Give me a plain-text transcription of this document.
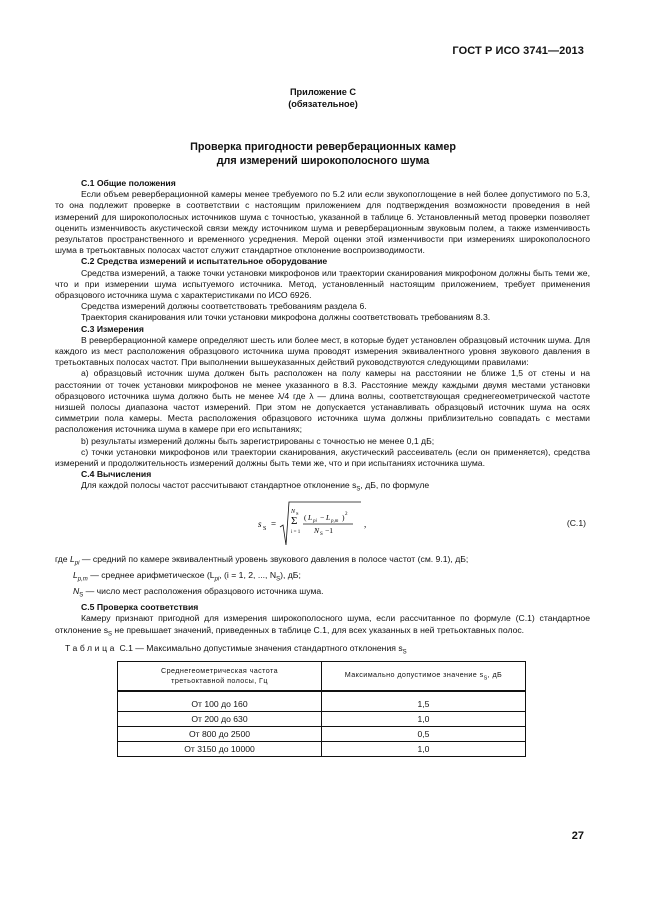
ГОСТ Р ИСО 3741—2013
Приложение С
(обязательное)
Проверка пригодности реверберационных камер
для измерений широкополосного шума

С.1 Общие положения

Если объем реверберационной камеры менее требуемого по 5.2 или если звукопоглощение в ней более допустимого по 5.3, то она подлежит проверке в соответствии с настоящим приложением для подтверждения возможности проведения в ней измерений для широкополосных источников шума с точностью, указанной в таблице 6. Установленный метод проверки позволяет оценить изменчивость акустической связи между источником шума и реверберационным звуковым полем, а также изменчивость результатов пространственного и временного усреднения. Мерой оценки этой изменчивости при измерениях широкополосного шума в третьоктавных полосах частот служит стандартное отклонение воспроизводимости.

С.2 Средства измерений и испытательное оборудование

Средства измерений, а также точки установки микрофонов или траектории сканирования микрофоном должны быть теми же, что и при измерении шума испытуемого источника. Метод, установленный настоящим приложением, требует применения образцового источника шума с характеристиками по ИСО 6926.

Средства измерений должны соответствовать требованиям раздела 6.

Траектория сканирования или точки установки микрофона должны соответствовать требованиям 8.3.

С.3 Измерения

В реверберационной камере определяют шесть или более мест, в которые будет установлен образцовый источник шума. Для каждого из мест расположения образцового источника шума проводят измерения эквивалентного уровня звукового давления в третьоктавных полосах частот. При выполнении вышеуказанных действий руководствуются следующими правилами:

а) образцовый источник шума должен быть расположен на полу камеры на расстоянии не ближе 1,5 от стены и на расстоянии от точек установки микрофонов не менее указанного в 8.3. Расстояние между каждыми двумя местами установки образцового источника шума должно быть не менее λ/4 где λ — длина волны, соответствующая среднегеометрической частоте низшей полосы диапазона частот измерений. При этом не допускается устанавливать образцовый источник шума на осях симметрии пола камеры. Места расположения образцового источника шума должны приблизительно совпадать с местами расположения источника шума в камере при его испытаниях;

b) результаты измерений должны быть зарегистрированы с точностью не менее 0,1 дБ;

с) точки установки микрофонов или траектории сканирования, акустический рассеиватель (если он применяется), средства измерений и продолжительность измерений должны быть теми же, что и при испытаниях источника шума.

С.4 Вычисления

Для каждой полосы частот рассчитывают стандартное отклонение $s_S$, дБ, по формуле

s S =
N S
Σ
i = 1
( L pi − L p,m ) 2
N S −1
,	(С.1)

где $L_{pi}$ — средний по камере эквивалентный уровень звукового давления в полосе частот (см. 9.1), дБ;

$L_{p,m}$ — среднее арифметическое ($L_{pi}$, (i = 1, 2, ..., $N_S$), дБ;

$N_S$ — число мест расположения образцового источника шума.

С.5 Проверка соответствия

Камеру признают пригодной для измерения широкополосного шума, если рассчитанное по формуле (С.1) стандартное отклонение $s_S$ не превышает значений, приведенных в таблице С.1, для всех указанных в ней третьоктавных полос.

Таблица С.1 — Максимально допустимые значения стандартного отклонения $s_S$
Среднегеометрическая частота
третьоктавной полосы, Гц	Максимально допустимое значение $s_S$, дБ
От 100 до 160	1,5
От 200 до 630	1,0
От 800 до 2500	0,5
От 3150 до 10000	1,0
27
